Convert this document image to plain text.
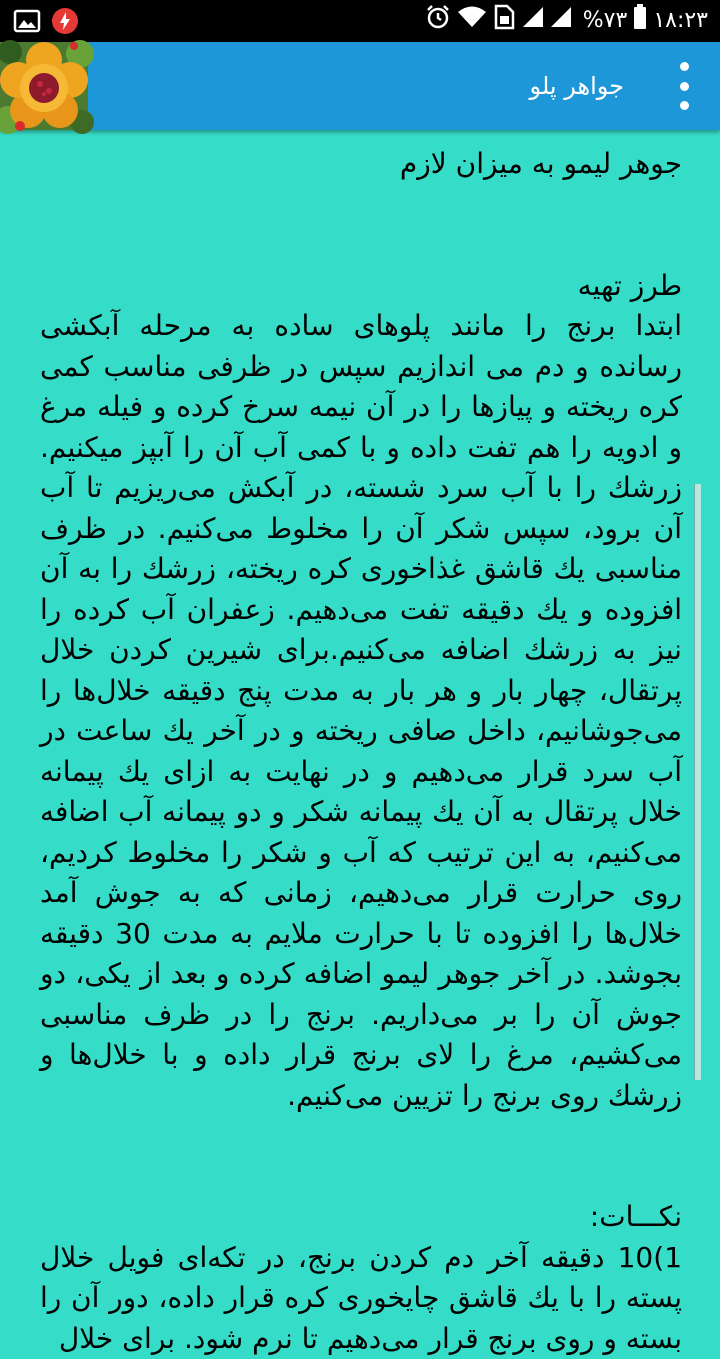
%۷۳ ۱۸:۲۳
جواهر پلو

جوهر لیمو به میزان لازم

طرز تهیه
ابتدا برنج را مانند پلوهای ساده به مرحله آبکشی رسانده و دم می اندازیم سپس در ظرفی مناسب کمی کره ریخته و پیازها را در آن نیمه سرخ کرده و فیله مرغ و ادویه را هم تفت داده و با کمی آب آن را آبپز میکنیم. زرشك را با آب سرد شسته، در آبکش می‌ریزیم تا آب آن برود، سپس شکر آن را مخلوط می‌کنیم. در ظرف مناسبی يك قاشق غذاخوری کره ریخته، زرشك را به آن افزوده و يك دقیقه تفت می‌دهیم. زعفران آب کرده را نیز به زرشك اضافه می‌کنیم.برای شیرین کردن خلال پرتقال، چهار بار و هر بار به مدت پنج دقیقه خلال‌ها را می‌جوشانیم، داخل صافی ریخته و در آخر يك ساعت در آب سرد قرار می‌دهیم و در نهایت به ازای يك پیمانه خلال پرتقال به آن يك پیمانه شکر و دو پیمانه آب اضافه می‌کنیم، به این ترتیب که آب و شکر را مخلوط کردیم، روی حرارت قرار می‌دهیم، زمانی که به جوش آمد خلال‌ها را افزوده تا با حرارت ملایم به مدت 30 دقیقه بجوشد. در آخر جوهر لیمو اضافه کرده و بعد از یکی، دو جوش آن را بر می‌داریم. برنج را در ظرف مناسبی می‌کشیم، مرغ را لای برنج قرار داده و با خلال‌ها و زرشك روی برنج را تزیین می‌کنیم.

نکـــات:
1)10 دقیقه آخر دم کردن برنج، در تکه‌ای فویل خلال پسته را با يك قاشق چایخوری کره قرار داده، دور آن را بسته و روی برنج قرار می‌دهیم تا نرم شود. برای خلال
